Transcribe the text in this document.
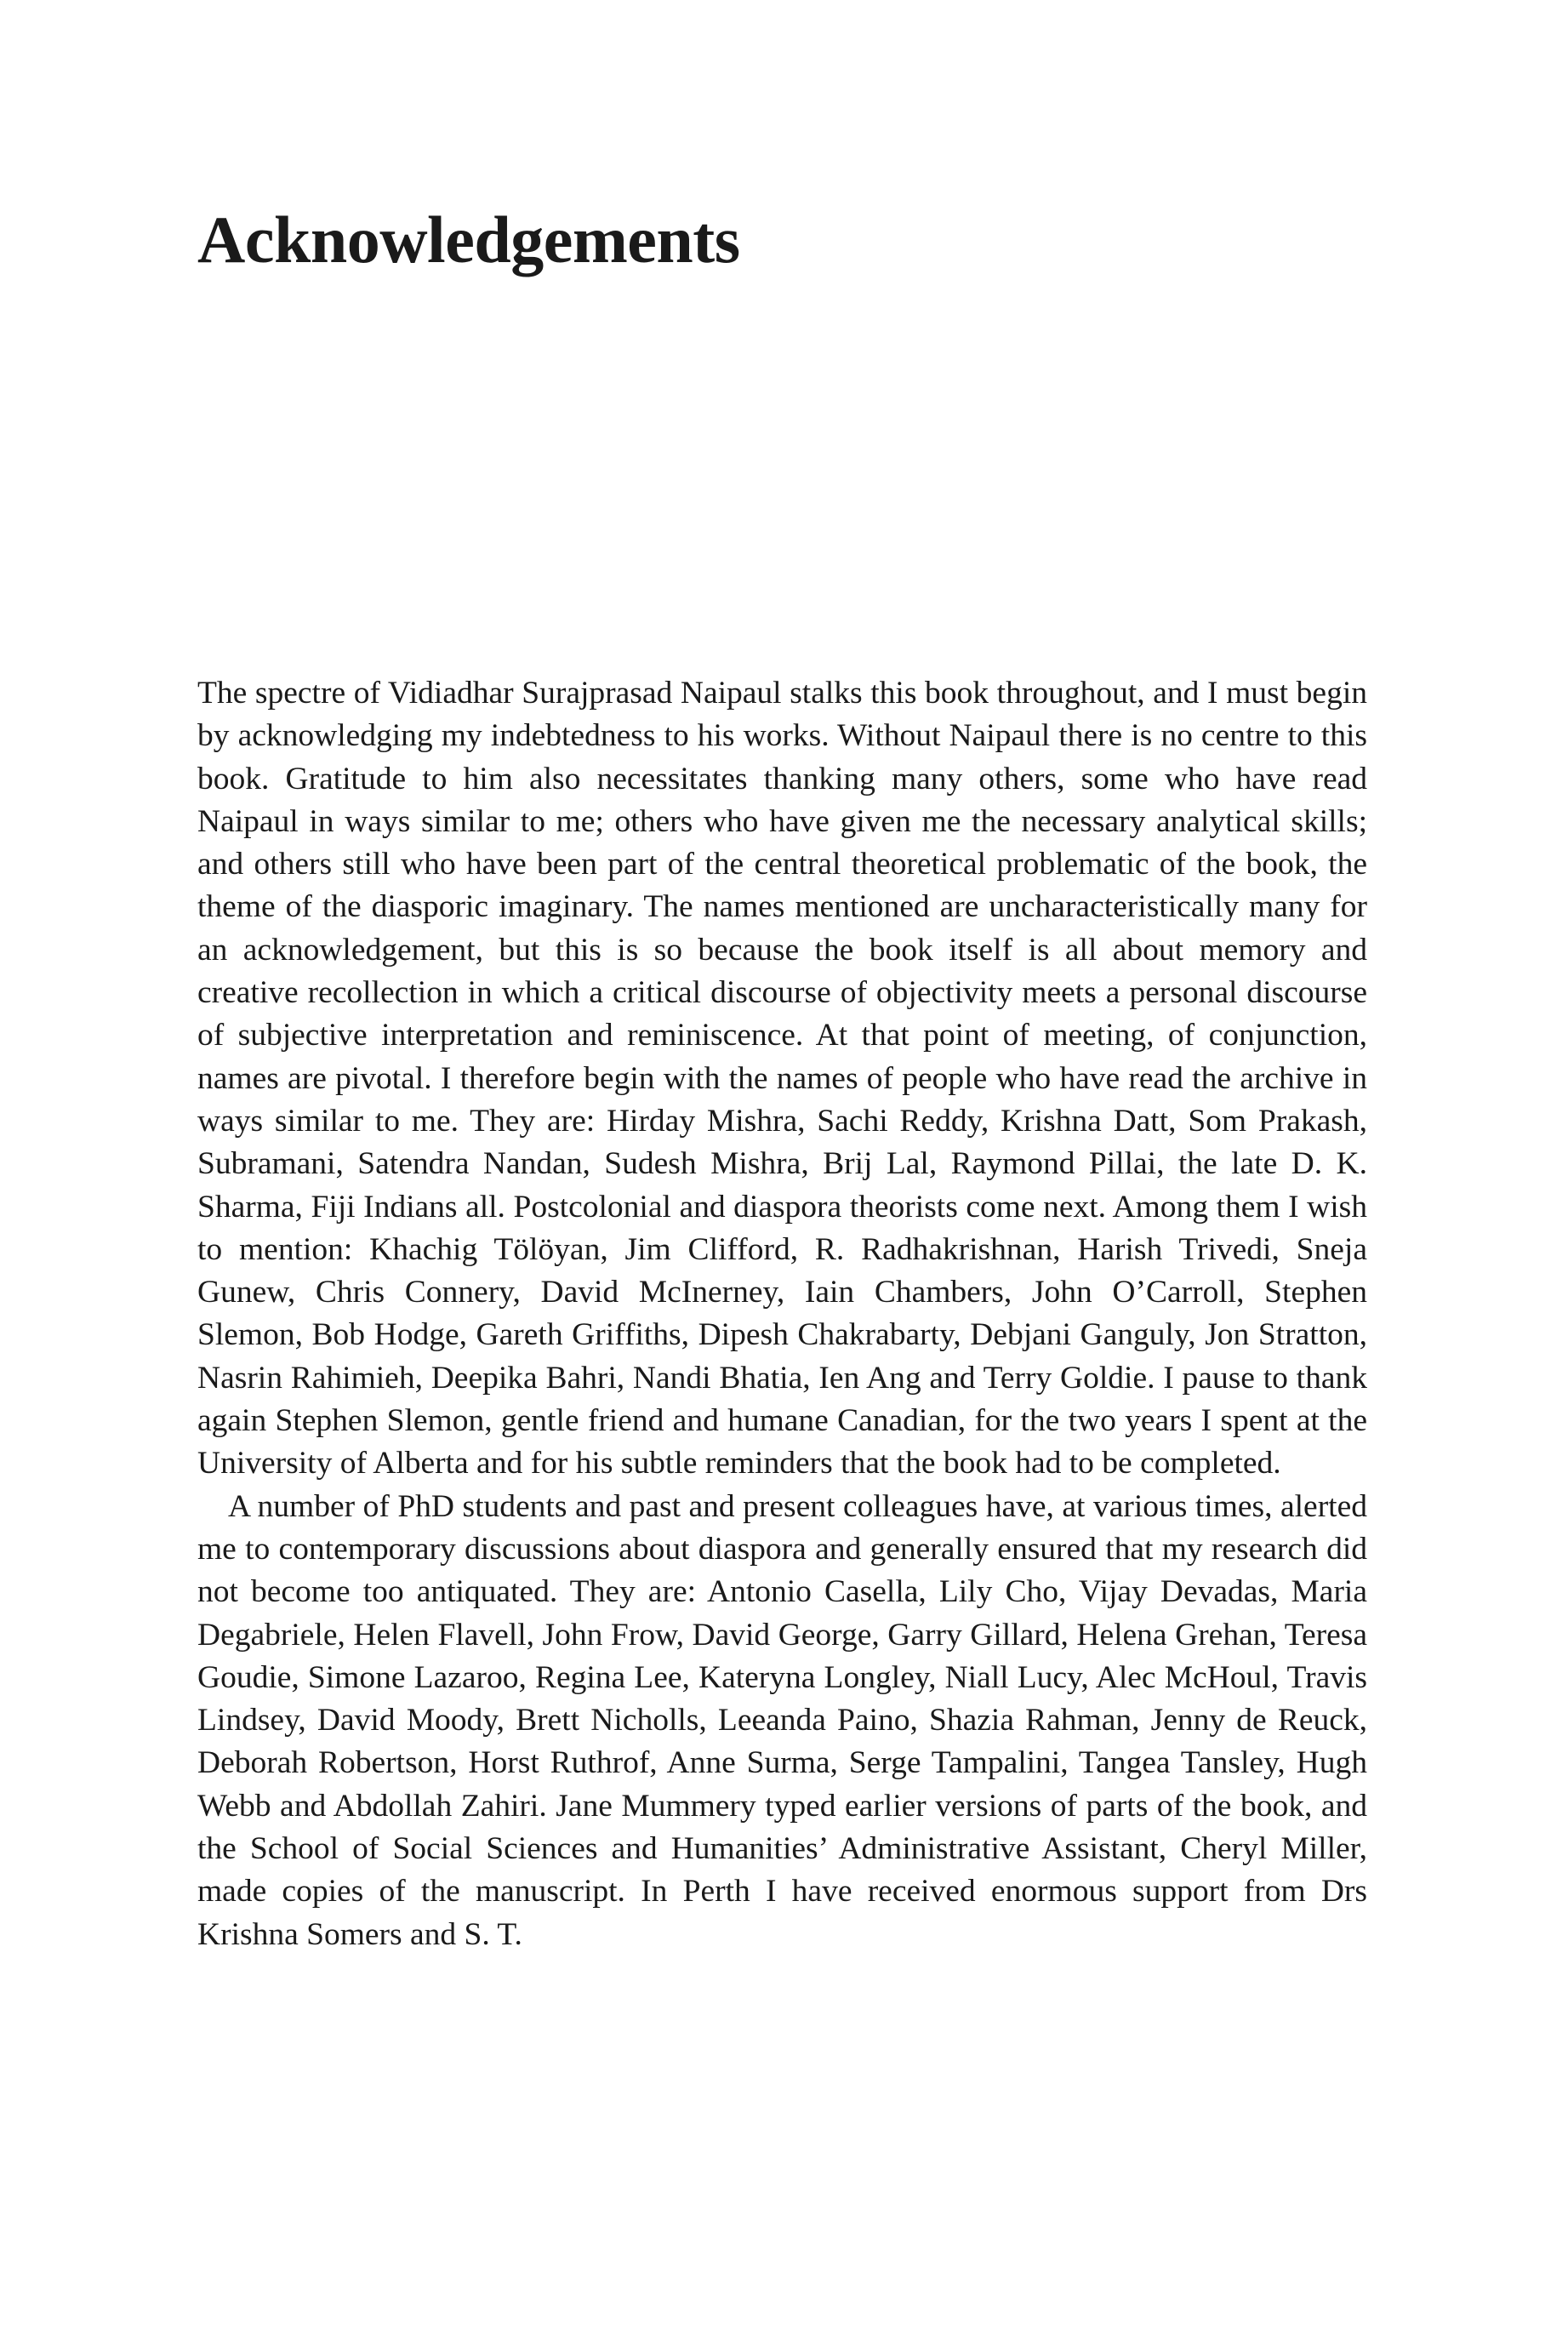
Acknowledgements

The spectre of Vidiadhar Surajprasad Naipaul stalks this book throughout, and I must begin by acknowledging my indebtedness to his works. Without Naipaul there is no centre to this book. Gratitude to him also necessitates thanking many others, some who have read Naipaul in ways similar to me; others who have given me the necessary analytical skills; and others still who have been part of the central theoretical problematic of the book, the theme of the diasporic imaginary. The names mentioned are uncharacteristically many for an acknowledgement, but this is so because the book itself is all about memory and creative recollection in which a critical discourse of objectivity meets a personal discourse of subjective interpretation and reminiscence. At that point of meeting, of conjunction, names are pivotal. I therefore begin with the names of people who have read the archive in ways similar to me. They are: Hirday Mishra, Sachi Reddy, Krishna Datt, Som Prakash, Subramani, Satendra Nandan, Sudesh Mishra, Brij Lal, Raymond Pillai, the late D. K. Sharma, Fiji Indians all. Postcolonial and diaspora theorists come next. Among them I wish to mention: Khachig Tölöyan, Jim Clifford, R. Radhakrishnan, Harish Trivedi, Sneja Gunew, Chris Connery, David McInerney, Iain Chambers, John O’Carroll, Stephen Slemon, Bob Hodge, Gareth Griffiths, Dipesh Chakrabarty, Debjani Ganguly, Jon Stratton, Nasrin Rahimieh, Deepika Bahri, Nandi Bhatia, Ien Ang and Terry Goldie. I pause to thank again Stephen Slemon, gentle friend and humane Canadian, for the two years I spent at the University of Alberta and for his subtle reminders that the book had to be completed.

A number of PhD students and past and present colleagues have, at various times, alerted me to contemporary discussions about diaspora and generally ensured that my research did not become too antiquated. They are: Antonio Casella, Lily Cho, Vijay Devadas, Maria Degabriele, Helen Flavell, John Frow, David George, Garry Gillard, Helena Grehan, Teresa Goudie, Simone Lazaroo, Regina Lee, Kateryna Longley, Niall Lucy, Alec McHoul, Travis Lindsey, David Moody, Brett Nicholls, Leeanda Paino, Shazia Rahman, Jenny de Reuck, Deborah Robertson, Horst Ruthrof, Anne Surma, Serge Tampalini, Tangea Tansley, Hugh Webb and Abdollah Zahiri. Jane Mummery typed earlier versions of parts of the book, and the School of Social Sciences and Humanities’ Administrative Assistant, Cheryl Miller, made copies of the manuscript. In Perth I have received enormous support from Drs Krishna Somers and S. T.
